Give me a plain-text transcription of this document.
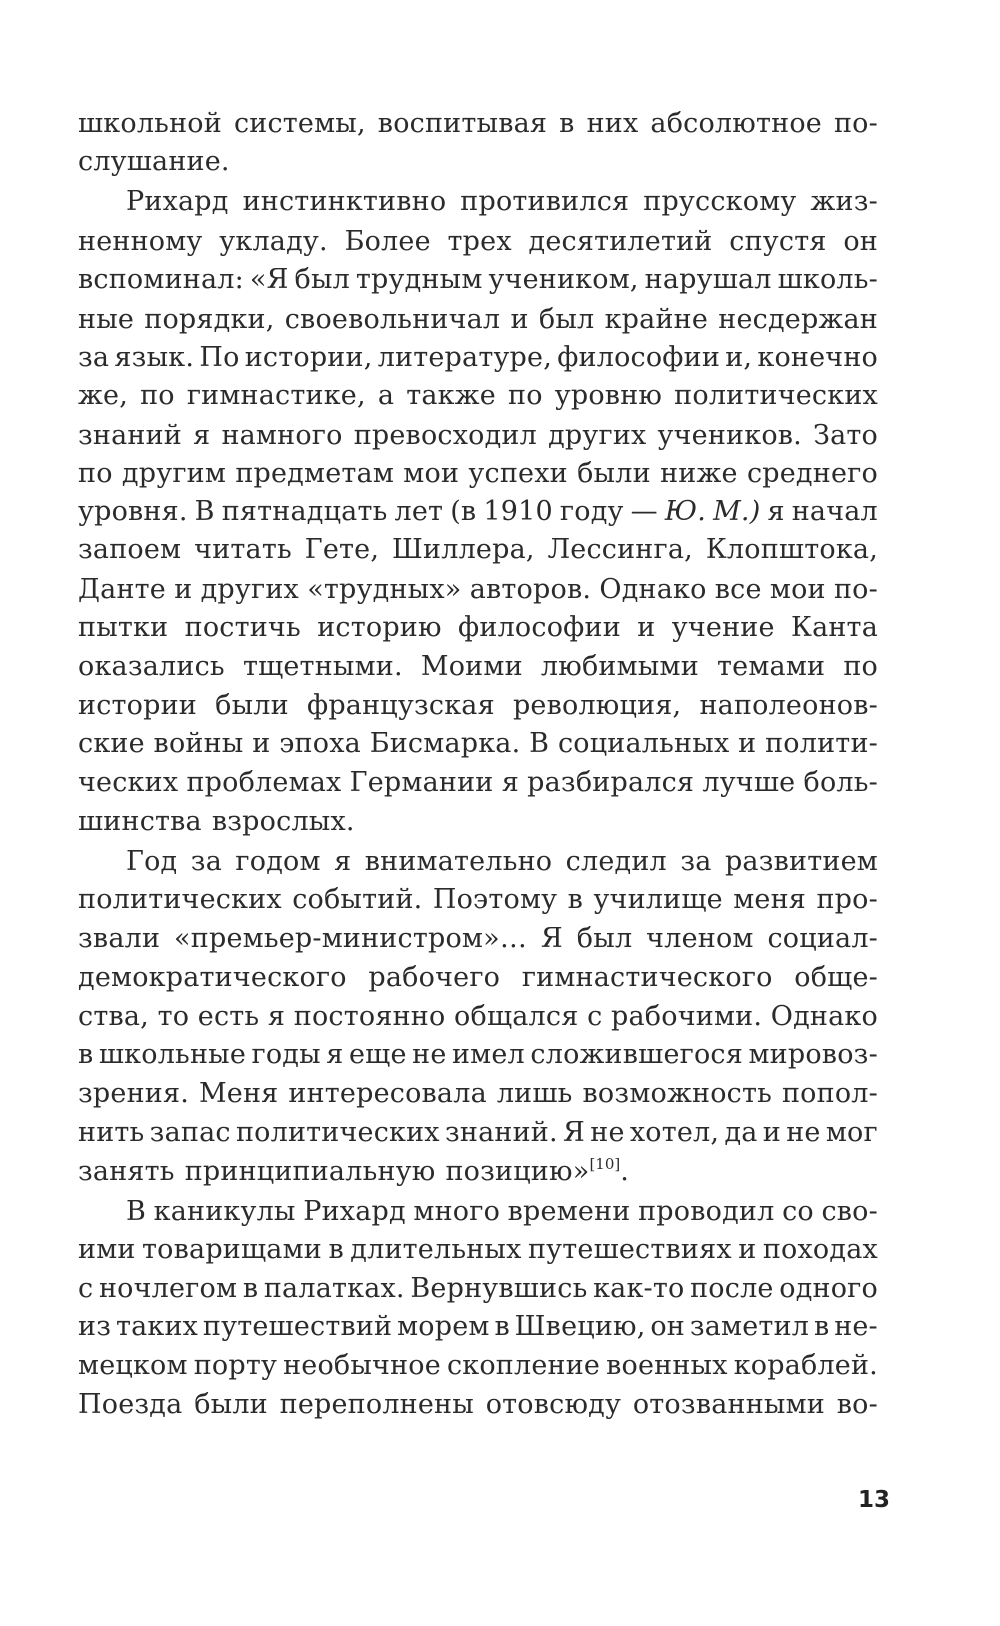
школьной системы, воспитывая в них абсолютное по-
слушание.
Рихард инстинктивно противился прусскому жиз-
ненному укладу. Более трех десятилетий спустя он
вспоминал: «Я был трудным учеником, нарушал школь-
ные порядки, своевольничал и был крайне несдержан
за язык. По истории, литературе, философии и, конечно
же, по гимнастике, а также по уровню политических
знаний я намного превосходил других учеников. Зато
по другим предметам мои успехи были ниже среднего
уровня. В пятнадцать лет (в 1910 году — Ю. М.) я начал
запоем читать Гете, Шиллера, Лессинга, Клопштока,
Данте и других «трудных» авторов. Однако все мои по-
пытки постичь историю философии и учение Канта
оказались тщетными. Моими любимыми темами по
истории были французская революция, наполеонов-
ские войны и эпоха Бисмарка. В социальных и полити-
ческих проблемах Германии я разбирался лучше боль-
шинства взрослых.
Год за годом я внимательно следил за развитием
политических событий. Поэтому в училище меня про-
звали «премьер-министром»… Я был членом социал-
демократического рабочего гимнастического обще-
ства, то есть я постоянно общался с рабочими. Однако
в школьные годы я еще не имел сложившегося мировоз-
зрения. Меня интересовала лишь возможность попол-
нить запас политических знаний. Я не хотел, да и не мог
занять принципиальную позицию»[10].
В каникулы Рихард много времени проводил со сво-
ими товарищами в длительных путешествиях и походах
с ночлегом в палатках. Вернувшись как-то после одного
из таких путешествий морем в Швецию, он заметил в не-
мецком порту необычное скопление военных кораблей.
Поезда были переполнены отовсюду отозванными во-
13
